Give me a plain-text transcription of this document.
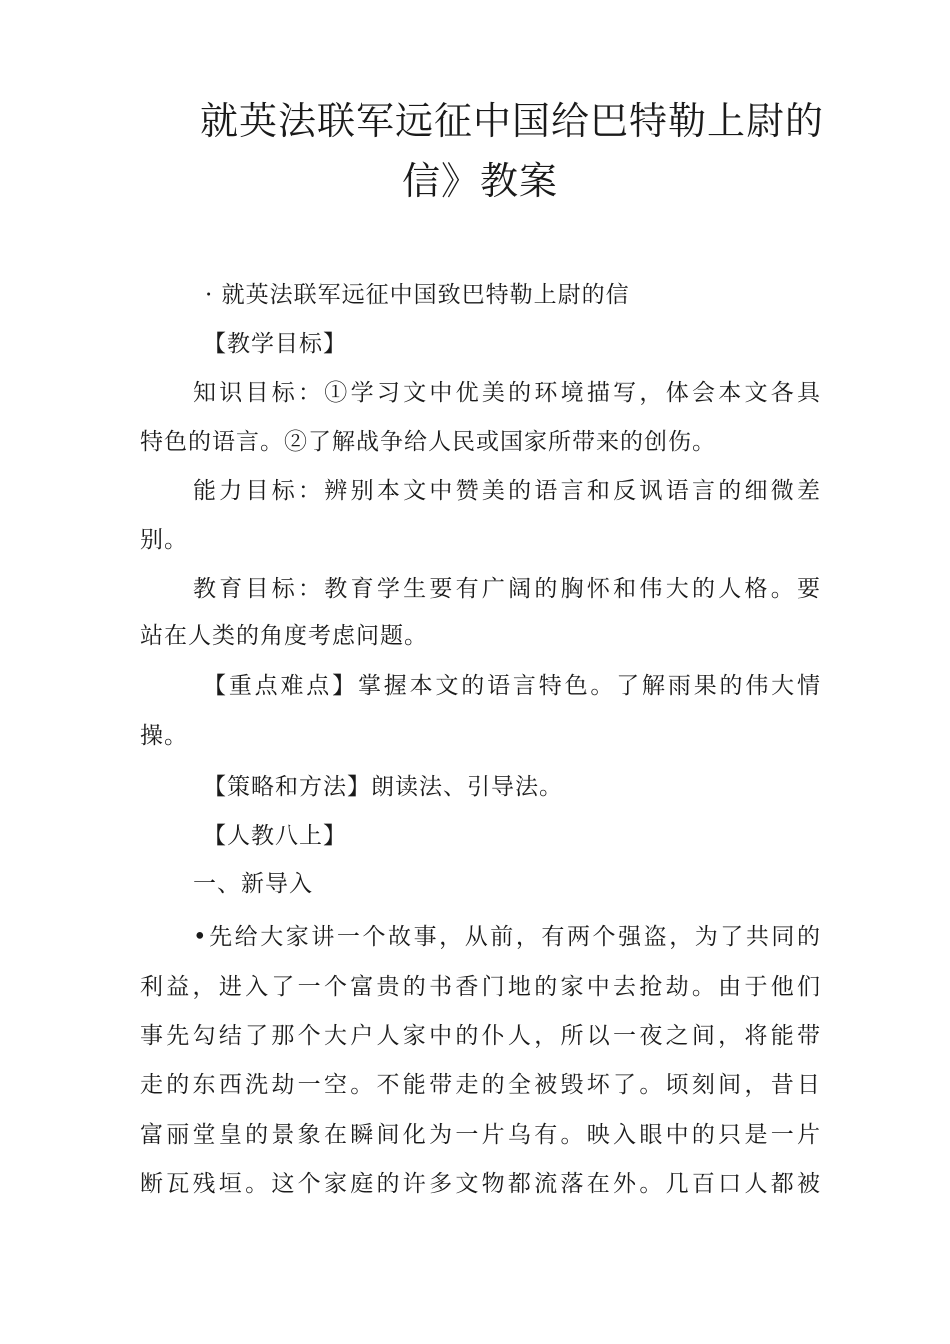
就英法联军远征中国给巴特勒上尉的
信》教案
· 就英法联军远征中国致巴特勒上尉的信
【教学目标】
知识目标：①学习文中优美的环境描写，体会本文各具
特色的语言。②了解战争给人民或国家所带来的创伤。
能力目标：辨别本文中赞美的语言和反讽语言的细微差
别。
教育目标：教育学生要有广阔的胸怀和伟大的人格。要
站在人类的角度考虑问题。
【重点难点】掌握本文的语言特色。了解雨果的伟大情
操。
【策略和方法】朗读法、引导法。
【人教八上】
一、新导入
•先给大家讲一个故事，从前，有两个强盗，为了共同的
利益，进入了一个富贵的书香门地的家中去抢劫。由于他们
事先勾结了那个大户人家中的仆人，所以一夜之间，将能带
走的东西洗劫一空。不能带走的全被毁坏了。顷刻间，昔日
富丽堂皇的景象在瞬间化为一片乌有。映入眼中的只是一片
断瓦残垣。这个家庭的许多文物都流落在外。几百口人都被
